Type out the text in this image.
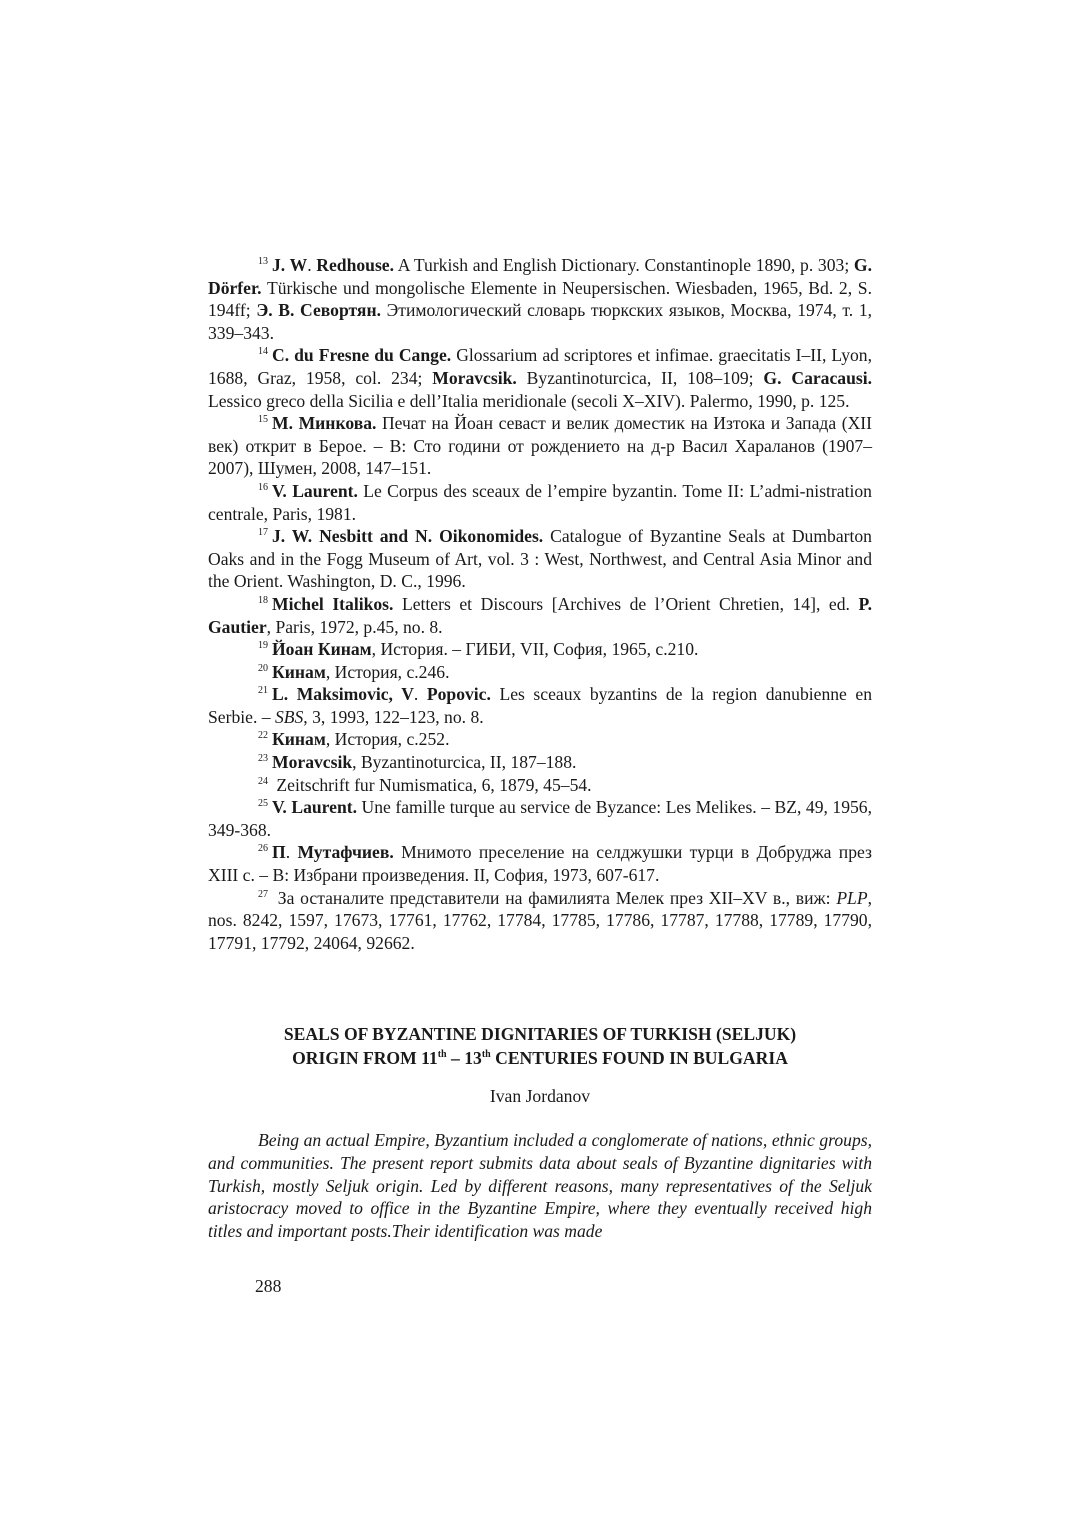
$^{13}$ J. W. Redhouse. A Turkish and English Dictionary. Constantinople 1890, p. 303; G. Dörfer. Türkische und mongolische Elemente in Neupersischen. Wiesbaden, 1965, Bd. 2, S. 194ff; Э. В. Севортян. Этимологический словарь тюркских языков, Москва, 1974, т. 1, 339–343.

$^{14}$ C. du Fresne du Cange. Glossarium ad scriptores et infimae. graecitatis I–II, Lyon, 1688, Graz, 1958, col. 234; Moravcsik. Byzantinoturcica, II, 108–109; G. Caracausi. Lessico greco della Sicilia e dell’Italia meridionale (secoli X–XIV). Palermo, 1990, p. 125.

$^{15}$ М. Минкова. Печат на Йоан севаст и велик доместик на Изтока и Запада (XII век) открит в Берое. – В: Сто години от рождението на д-р Васил Хараланов (1907–2007), Шумен, 2008, 147–151.

$^{16}$ V. Laurent. Le Corpus des sceaux de l’empire byzantin. Tome II: L’admi-nistration centrale, Paris, 1981.

$^{17}$ J. W. Nesbitt and N. Oikonomides. Catalogue of Byzantine Seals at Dumbarton Oaks and in the Fogg Museum of Art, vol. 3 : West, Northwest, and Central Asia Minor and the Orient. Washington, D. C., 1996.

$^{18}$ Michel Italikos. Letters et Discours [Archives de l’Orient Chretien, 14], ed. P. Gautier, Paris, 1972, p.45, no. 8.

$^{19}$ Йоан Кинам, История. – ГИБИ, VII, София, 1965, с.210.

$^{20}$ Кинам, История, с.246.

$^{21}$ L. Maksimovic, V. Popovic. Les sceaux byzantins de la region danubienne en Serbie. – SBS, 3, 1993, 122–123, no. 8.

$^{22}$ Кинам, История, с.252.

$^{23}$ Moravcsik, Byzantinoturcica, II, 187–188.

$^{24}$ Zeitschrift fur Numismatica, 6, 1879, 45–54.

$^{25}$ V. Laurent. Une famille turque au service de Byzance: Les Melikes. – BZ, 49, 1956, 349-368.

$^{26}$ П. Мутафчиев. Мнимото преселение на селджушки турци в Добруджа през XIII с. – В: Избрани произведения. II, София, 1973, 607-617.

$^{27}$ За останалите представители на фамилията Мелек през XII–XV в., виж: PLP, nos. 8242, 1597, 17673, 17761, 17762, 17784, 17785, 17786, 17787, 17788, 17789, 17790, 17791, 17792, 24064, 92662.

SEALS OF BYZANTINE DIGNITARIES OF TURKISH (SELJUK)
ORIGIN FROM 11th – 13th CENTURIES FOUND IN BULGARIA
Ivan Jordanov

Being an actual Empire, Byzantium included a conglomerate of nations, ethnic groups, and communities. The present report submits data about seals of Byzantine dignitaries with Turkish, mostly Seljuk origin. Led by different reasons, many representatives of the Seljuk aristocracy moved to office in the Byzantine Empire, where they eventually received high titles and important posts.Their identification was made

288
